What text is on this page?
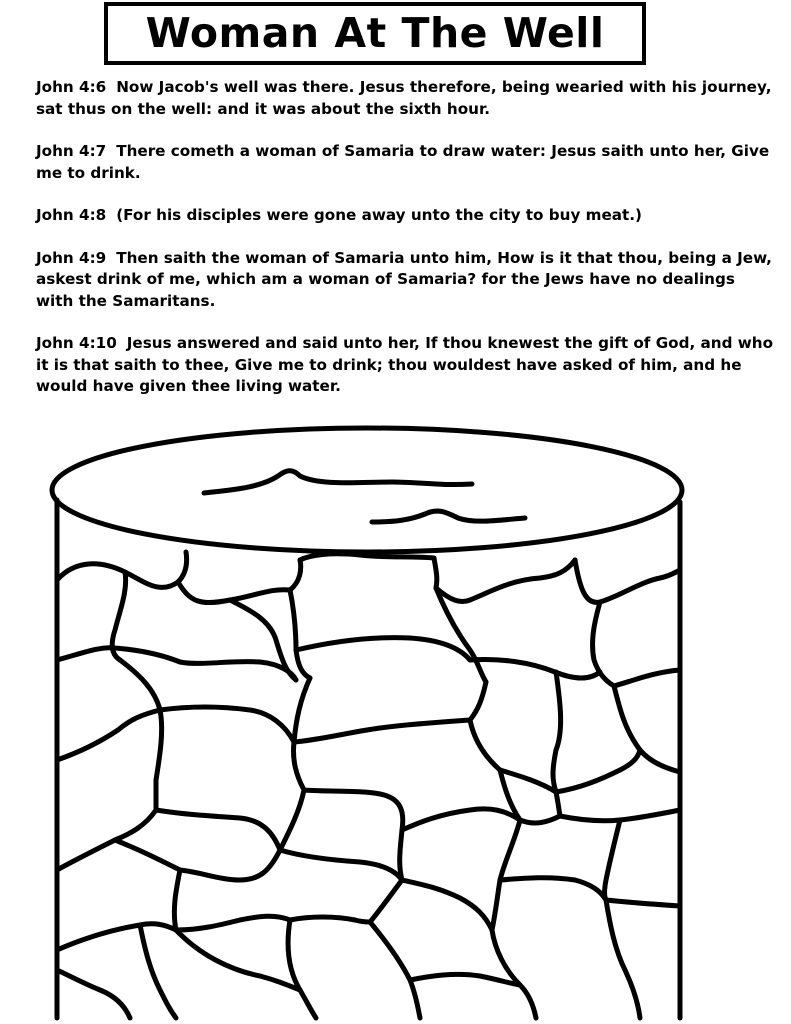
Woman At The Well

John 4:6 Now Jacob's well was there. Jesus therefore, being wearied with his journey, sat thus on the well: and it was about the sixth hour.

John 4:7 There cometh a woman of Samaria to draw water: Jesus saith unto her, Give me to drink.

John 4:8 (For his disciples were gone away unto the city to buy meat.)

John 4:9 Then saith the woman of Samaria unto him, How is it that thou, being a Jew, askest drink of me, which am a woman of Samaria? for the Jews have no dealings with the Samaritans.

John 4:10 Jesus answered and said unto her, If thou knewest the gift of God, and who it is that saith to thee, Give me to drink; thou wouldest have asked of him, and he would have given thee living water.
